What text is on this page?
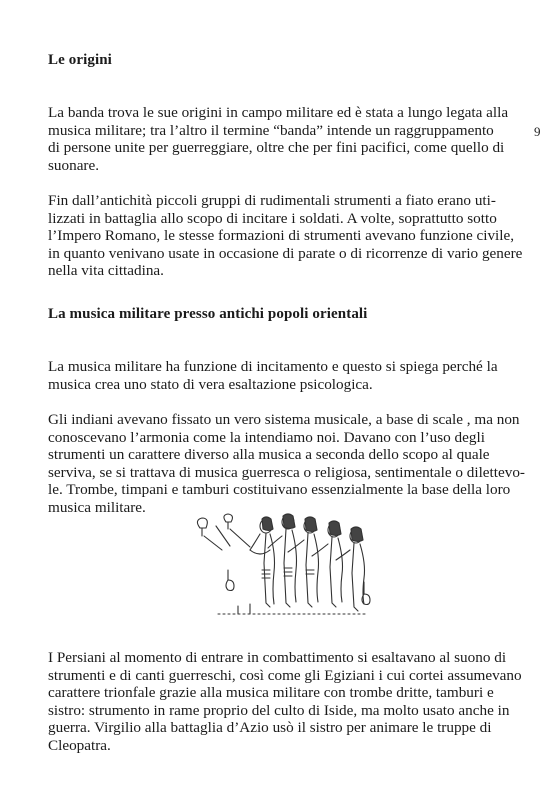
Le origini
9

La banda trova le sue origini in campo militare ed è stata a lungo legata alla
musica militare; tra l’altro il termine “banda” intende un raggruppamento
di persone unite per guerreggiare, oltre che per fini pacifici, come quello di
suonare.

Fin dall’antichità piccoli gruppi di rudimentali strumenti a fiato erano uti-
lizzati in battaglia allo scopo di incitare i soldati. A volte, soprattutto sotto
l’Impero Romano, le stesse formazioni di strumenti avevano funzione civile,
in quanto venivano usate in occasione di parate o di ricorrenze di vario genere
nella vita cittadina.

La musica militare presso antichi popoli orientali

La musica militare ha funzione di incitamento e questo si spiega perché la
musica crea uno stato di vera esaltazione psicologica.

Gli indiani avevano fissato un vero sistema musicale, a base di scale , ma non
conoscevano l’armonia come la intendiamo noi. Davano con l’uso degli
strumenti un carattere diverso alla musica a seconda dello scopo al quale
serviva, se si trattava di musica guerresca o religiosa, sentimentale o dilettevo-
le. Trombe, timpani e tamburi costituivano essenzialmente la base della loro
musica militare.

I Persiani al momento di entrare in combattimento si esaltavano al suono di
strumenti e di canti guerreschi, così come gli Egiziani i cui cortei assumevano
carattere trionfale grazie alla musica militare con trombe dritte, tamburi e
sistro: strumento in rame proprio del culto di Iside, ma molto usato anche in
guerra. Virgilio alla battaglia d’Azio usò il sistro per animare le truppe di
Cleopatra.
